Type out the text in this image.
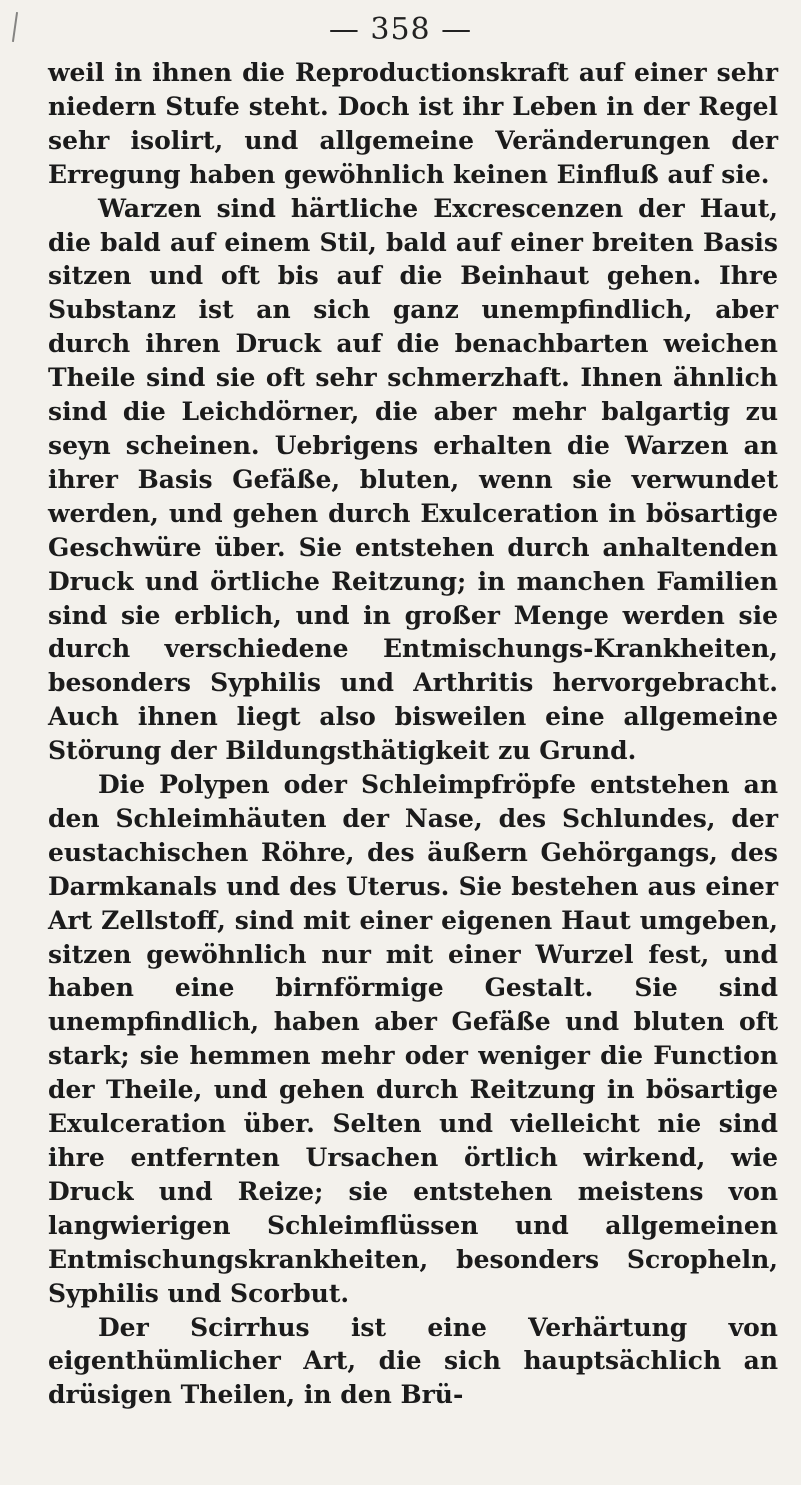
— 358 —

weil in ihnen die Reproductionskraft auf einer sehr niedern Stufe steht. Doch ist ihr Leben in der Regel sehr isolirt, und allgemeine Veränderungen der Erregung haben gewöhnlich keinen Einfluß auf sie.

Warzen sind härtliche Excrescenzen der Haut, die bald auf einem Stil, bald auf einer breiten Basis sitzen und oft bis auf die Beinhaut gehen. Ihre Substanz ist an sich ganz unempfindlich, aber durch ihren Druck auf die benachbarten weichen Theile sind sie oft sehr schmerzhaft. Ihnen ähnlich sind die Leichdörner, die aber mehr balgartig zu seyn scheinen. Uebrigens erhalten die Warzen an ihrer Basis Gefäße, bluten, wenn sie verwundet werden, und gehen durch Exulceration in bösartige Geschwüre über. Sie entstehen durch anhaltenden Druck und örtliche Reitzung; in manchen Familien sind sie erblich, und in großer Menge werden sie durch verschiedene Entmischungs-Krankheiten, besonders Syphilis und Arthritis hervorgebracht. Auch ihnen liegt also bisweilen eine allgemeine Störung der Bildungsthätigkeit zu Grund.

Die Polypen oder Schleimpfröpfe entstehen an den Schleimhäuten der Nase, des Schlundes, der eustachischen Röhre, des äußern Gehörgangs, des Darmkanals und des Uterus. Sie bestehen aus einer Art Zellstoff, sind mit einer eigenen Haut umgeben, sitzen gewöhnlich nur mit einer Wurzel fest, und haben eine birnförmige Gestalt. Sie sind unempfindlich, haben aber Gefäße und bluten oft stark; sie hemmen mehr oder weniger die Function der Theile, und gehen durch Reitzung in bösartige Exulceration über. Selten und vielleicht nie sind ihre entfernten Ursachen örtlich wirkend, wie Druck und Reize; sie entstehen meistens von langwierigen Schleimflüssen und allgemeinen Entmischungskrankheiten, besonders Scropheln, Syphilis und Scorbut.

Der Scirrhus ist eine Verhärtung von eigenthümlicher Art, die sich hauptsächlich an drüsigen Theilen, in den Brü-
